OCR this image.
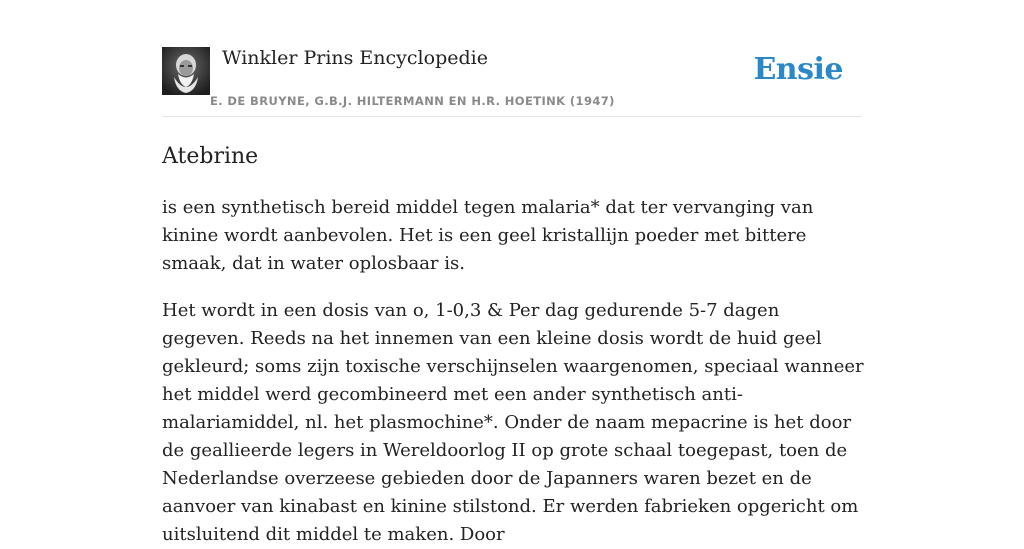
Winkler Prins Encyclopedie
E. DE BRUYNE, G.B.J. HILTERMANN EN H.R. HOETINK (1947)
Ensie
Atebrine

is een synthetisch bereid middel tegen malaria* dat ter vervanging van kinine wordt aanbevolen. Het is een geel kristallijn poeder met bittere smaak, dat in water oplosbaar is.

Het wordt in een dosis van o, 1-0,3 & Per dag gedurende 5-7 dagen gegeven. Reeds na het innemen van een kleine dosis wordt de huid geel gekleurd; soms zijn toxische verschijnselen waargenomen, speciaal wanneer het middel werd gecombineerd met een ander synthetisch anti-malariamiddel, nl. het plasmochine*. Onder de naam mepacrine is het door de geallieerde legers in Wereldoorlog II op grote schaal toegepast, toen de Nederlandse overzeese gebieden door de Japanners waren bezet en de aanvoer van kinabast en kinine stilstond. Er werden fabrieken opgericht om uitsluitend dit middel te maken. Door
